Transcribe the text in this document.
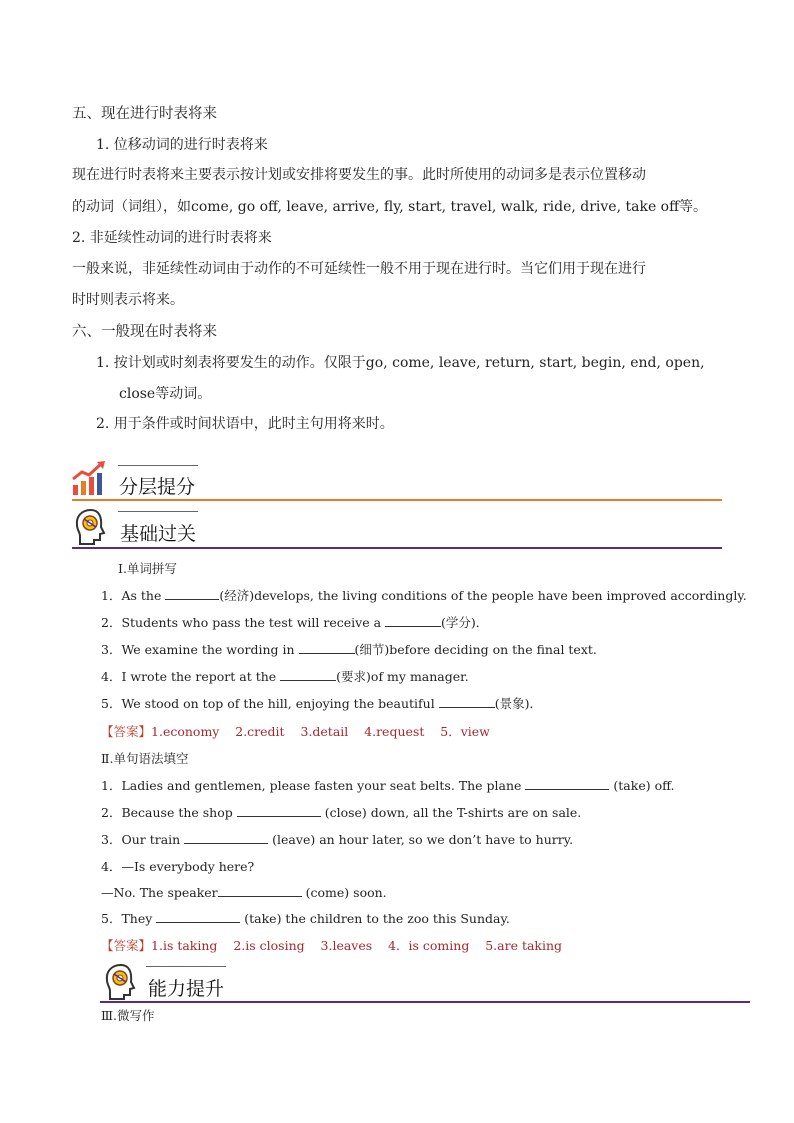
五、现在进行时表将来
1. 位移动词的进行时表将来
现在进行时表将来主要表示按计划或安排将要发生的事。此时所使用的动词多是表示位置移动
的动词（词组），如come, go off, leave, arrive, fly, start, travel, walk, ride, drive, take off等。
2. 非延续性动词的进行时表将来
一般来说，非延续性动词由于动作的不可延续性一般不用于现在进行时。当它们用于现在进行
时时则表示将来。
六、一般现在时表将来
1. 按计划或时刻表将要发生的动作。仅限于go, come, leave, return, start, begin, end, open,
close等动词。
2. 用于条件或时间状语中，此时主句用将来时。
分层提分
基础过关
Ⅰ.单词拼写
1．As the	(经济)develops, the living conditions of the people have been improved accordingly.
2．Students who pass the test will receive a	(学分)．
3．We examine the wording in	(细节)before deciding on the final text.
4．I wrote the report at the	(要求)of my manager.
5．We stood on top of the hill, enjoying the beautiful	(景象)．
【答案】1.economy    2.credit    3.detail    4.request    5．view
Ⅱ.单句语法填空
1．Ladies and gentlemen, please fasten your seat belts. The plane	(take) off.
2．Because the shop	(close) down, all the T-shirts are on sale.
3．Our train	(leave) an hour later, so we don’t have to hurry.
4．—Is everybody here?
—No. The speaker	(come) soon.
5．They	(take) the children to the zoo this Sunday.
【答案】1.is taking    2.is closing    3.leaves    4．is coming    5.are taking
能力提升
Ⅲ.微写作
